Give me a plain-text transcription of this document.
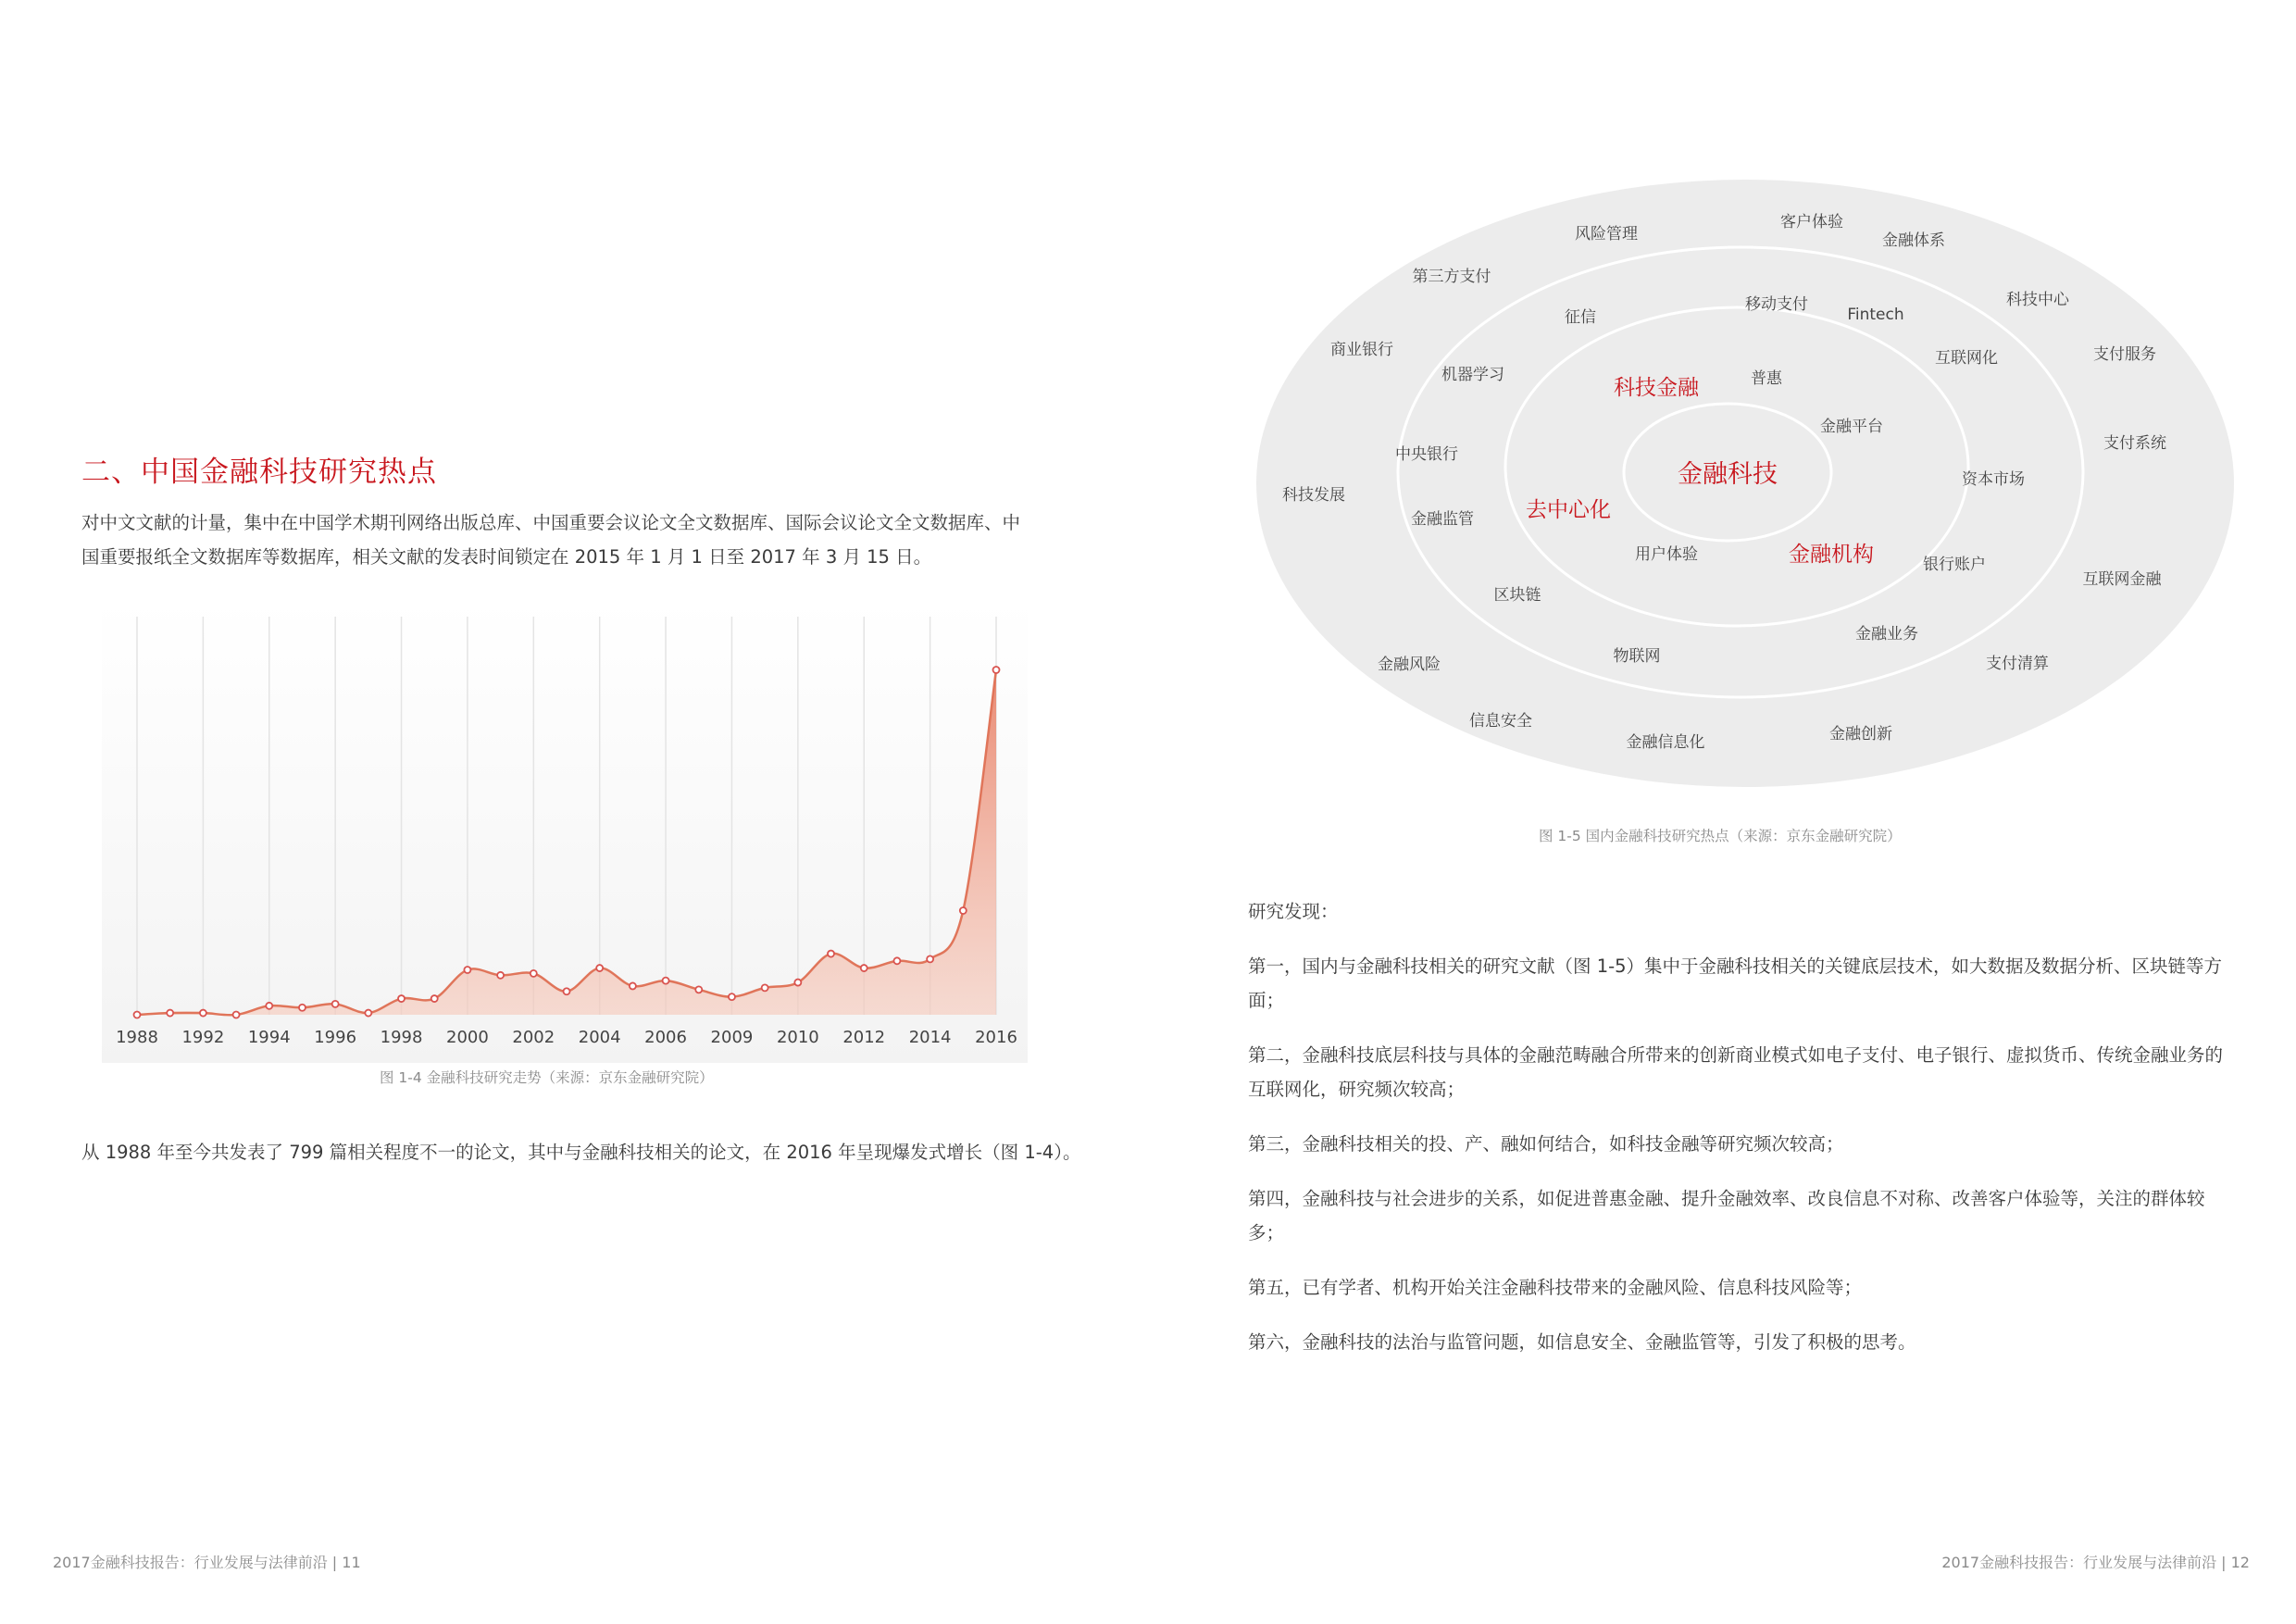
二、中国金融科技研究热点
对中文文献的计量，集中在中国学术期刊网络出版总库、中国重要会议论文全文数据库、国际会议论文全文数据库、中
国重要报纸全文数据库等数据库，相关文献的发表时间锁定在 2015 年 1 月 1 日至 2017 年 3 月 15 日。
1988 1992 1994 1996 1998 2000 2002 2004 2006 2009 2010 2012 2014 2016
图 1-4 金融科技研究走势（来源：京东金融研究院）
从 1988 年至今共发表了 799 篇相关程度不一的论文，其中与金融科技相关的论文，在 2016 年呈现爆发式增长（图 1-4）。
金融科技
科技金融
去中心化
金融机构
普惠
金融平台
用户体验
征信
移动支付
Fintech
机器学习
中央银行
金融监管
区块链
物联网
金融业务
银行账户
资本市场
互联网化
风险管理
客户体验
金融体系
第三方支付
科技中心
商业银行	支付服务
支付系统
科技发展
互联网金融
金融风险	支付清算
信息安全
金融信息化	金融创新
图 1-5 国内金融科技研究热点（来源：京东金融研究院）
研究发现：
第一，国内与金融科技相关的研究文献（图 1-5）集中于金融科技相关的关键底层技术，如大数据及数据分析、区块链等方面；
第二，金融科技底层科技与具体的金融范畴融合所带来的创新商业模式如电子支付、电子银行、虚拟货币、传统金融业务的互联网化，研究频次较高；
第三，金融科技相关的投、产、融如何结合，如科技金融等研究频次较高；
第四，金融科技与社会进步的关系，如促进普惠金融、提升金融效率、改良信息不对称、改善客户体验等，关注的群体较多；
第五，已有学者、机构开始关注金融科技带来的金融风险、信息科技风险等；
第六，金融科技的法治与监管问题，如信息安全、金融监管等，引发了积极的思考。
2017金融科技报告：行业发展与法律前沿 | 11	2017金融科技报告：行业发展与法律前沿 | 12
